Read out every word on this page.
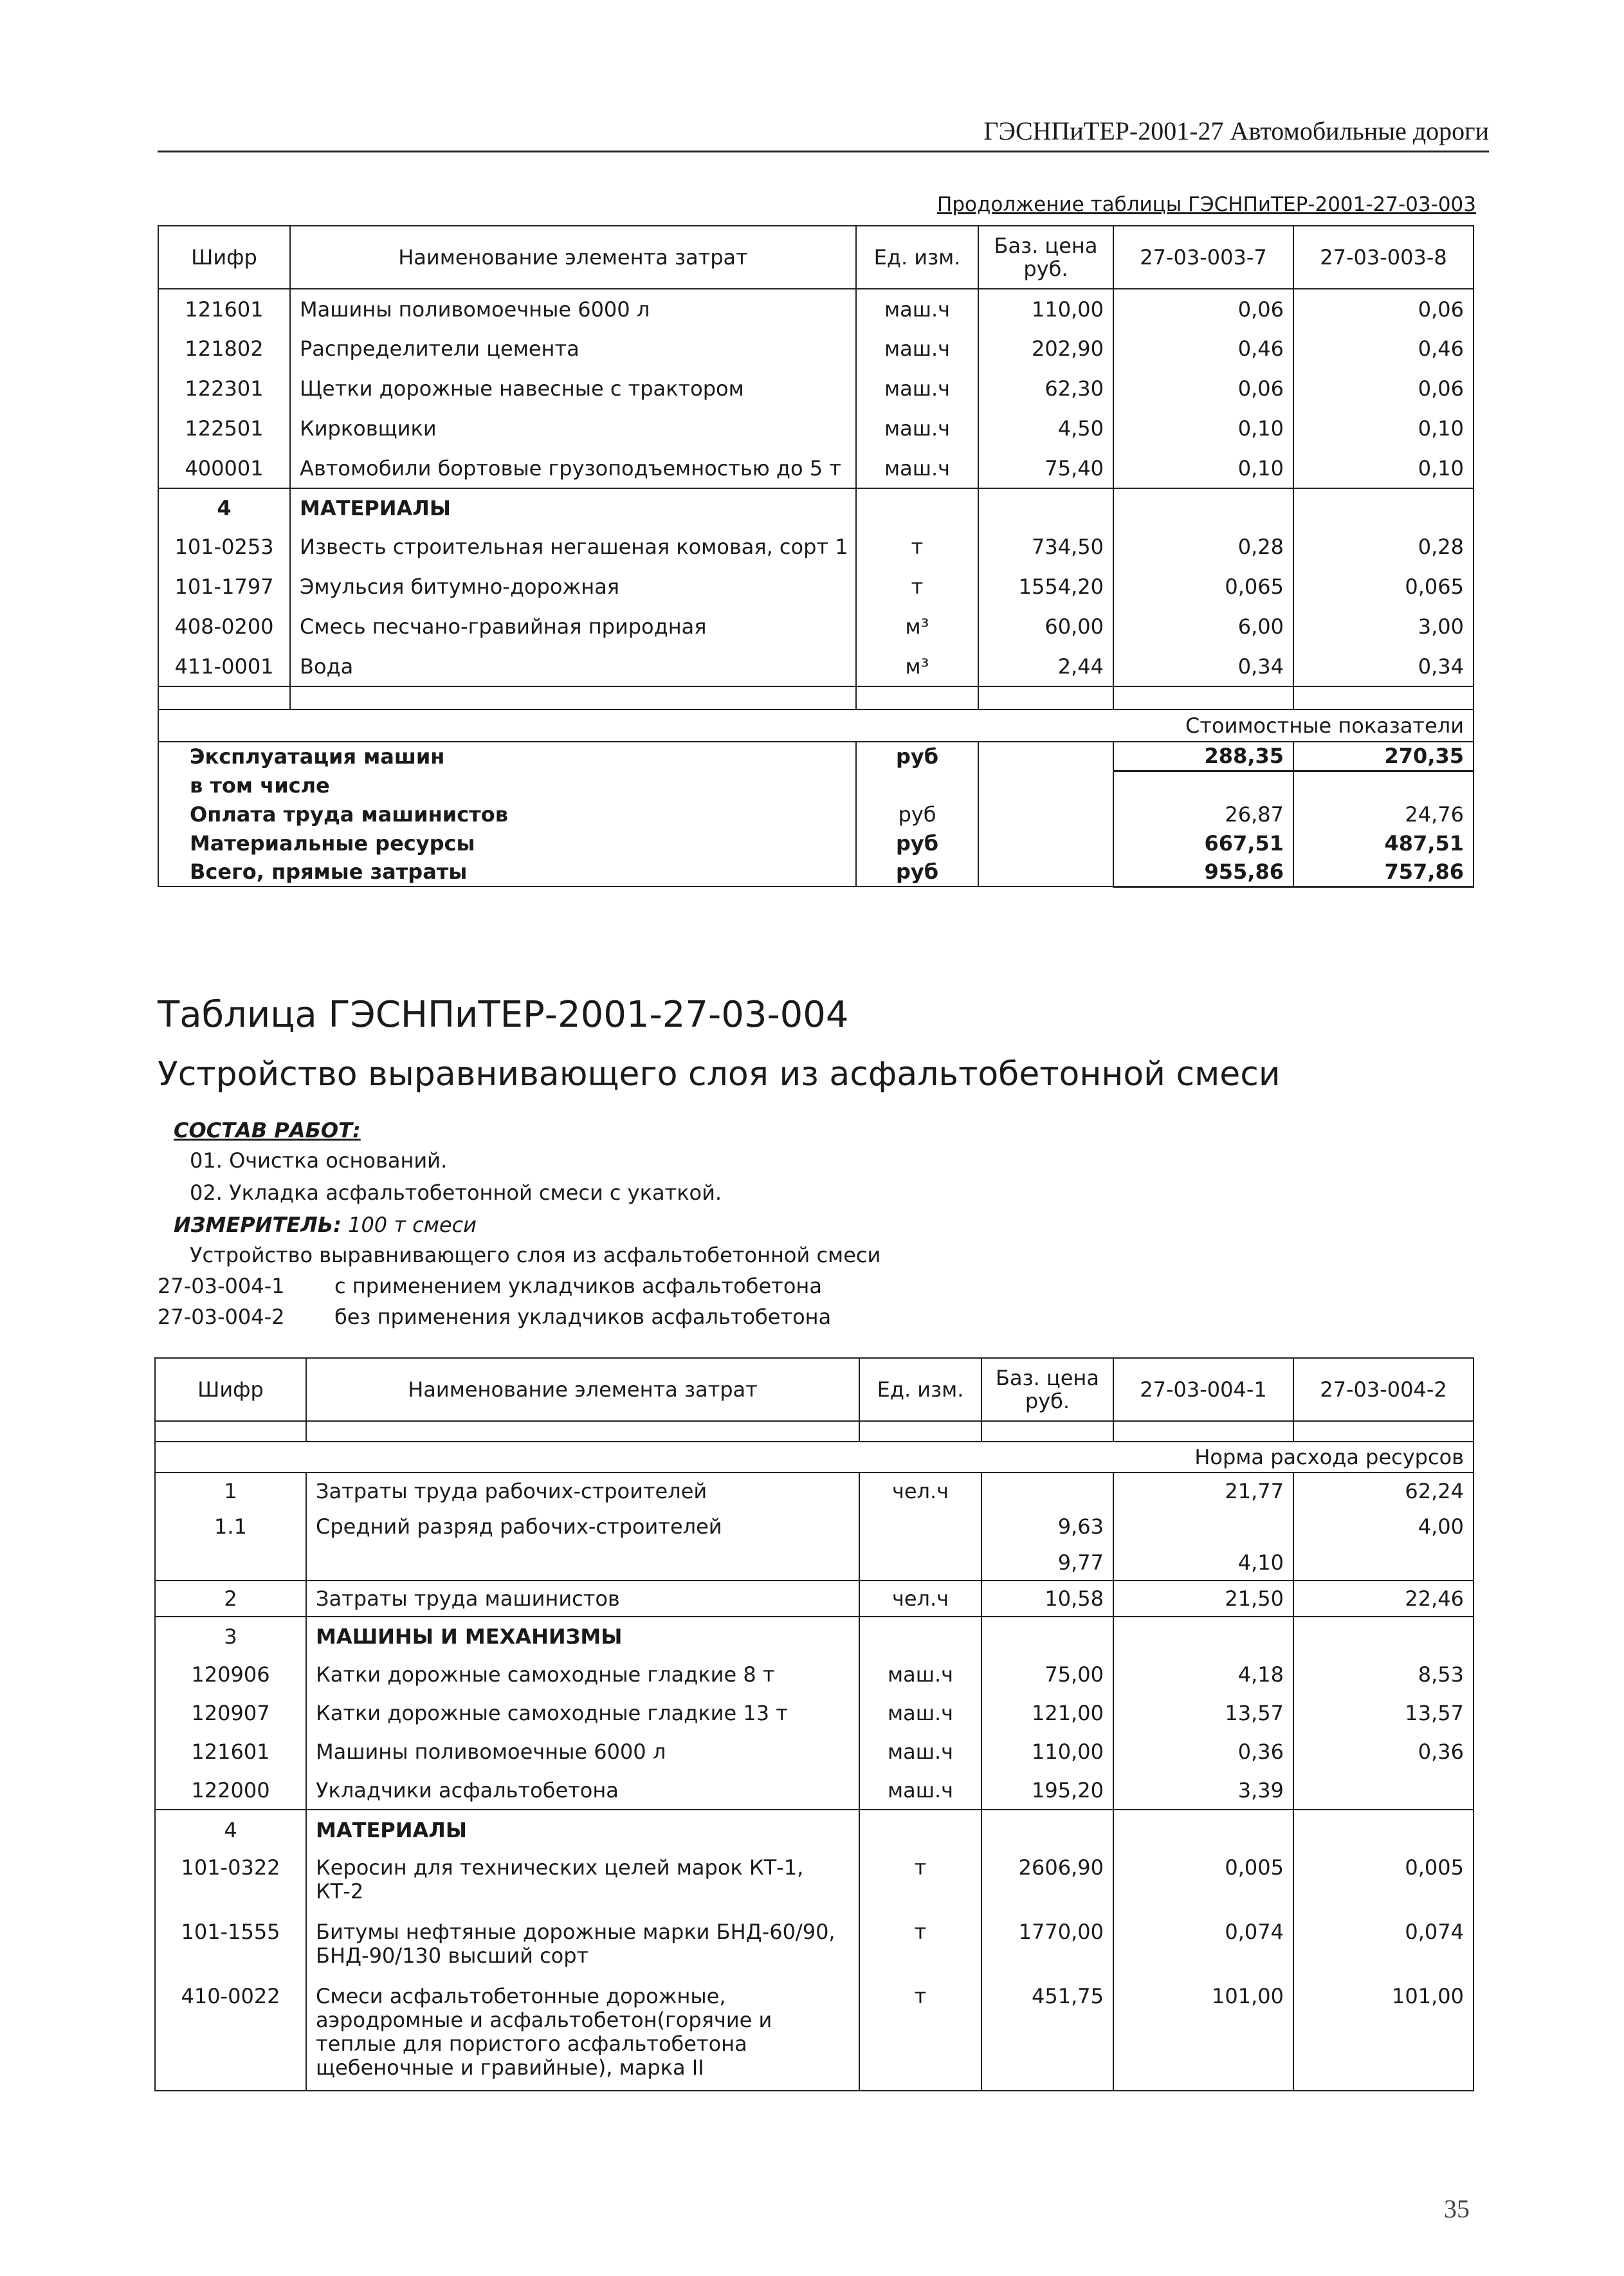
ГЭСНПиТЕР-2001-27 Автомобильные дороги
Продолжение таблицы ГЭСНПиТЕР-2001-27-03-003
Шифр	Наименование элемента затрат	Ед. изм.	Баз. цена руб.	27-03-003-7	27-03-003-8
121601	Машины поливомоечные 6000 л	маш.ч	110,00	0,06	0,06
121802	Распределители цемента	маш.ч	202,90	0,46	0,46
122301	Щетки дорожные навесные с трактором	маш.ч	62,30	0,06	0,06
122501	Кирковщики	маш.ч	4,50	0,10	0,10
400001	Автомобили бортовые грузоподъемностью до 5 т	маш.ч	75,40	0,10	0,10
4	МАТЕРИАЛЫ				
101-0253	Известь строительная негашеная комовая, сорт 1	т	734,50	0,28	0,28
101-1797	Эмульсия битумно-дорожная	т	1554,20	0,065	0,065
408-0200	Смесь песчано-гравийная природная	м³	60,00	6,00	3,00
411-0001	Вода	м³	2,44	0,34	0,34

Стоимостные показатели					
Эксплуатация машин		руб		288,35	270,35
в том числе					
Оплата труда машинистов		руб		26,87	24,76
Материальные ресурсы		руб		667,51	487,51
Всего, прямые затраты		руб		955,86	757,86
Таблица ГЭСНПиТЕР-2001-27-03-004
Устройство выравнивающего слоя из асфальтобетонной смеси
СОСТАВ РАБОТ:
01. Очистка оснований.
02. Укладка асфальтобетонной смеси с укаткой.
ИЗМЕРИТЕЛЬ: 100 т смеси
Устройство выравнивающего слоя из асфальтобетонной смеси
27-03-004-1 с применением укладчиков асфальтобетона
27-03-004-2 без применения укладчиков асфальтобетона
Шифр	Наименование элемента затрат	Ед. изм.	Баз. цена руб.	27-03-004-1	27-03-004-2

Норма расхода ресурсов					
1	Затраты труда рабочих-строителей	чел.ч		21,77	62,24
1.1	Средний разряд рабочих-строителей		9,63		4,00
			9,77	4,10	
2	Затраты труда машинистов	чел.ч	10,58	21,50	22,46
3	МАШИНЫ И МЕХАНИЗМЫ				
120906	Катки дорожные самоходные гладкие 8 т	маш.ч	75,00	4,18	8,53
120907	Катки дорожные самоходные гладкие 13 т	маш.ч	121,00	13,57	13,57
121601	Машины поливомоечные 6000 л	маш.ч	110,00	0,36	0,36
122000	Укладчики асфальтобетона	маш.ч	195,20	3,39	
4	МАТЕРИАЛЫ				
101-0322	Керосин для технических целей марок КТ-1, КТ-2	т	2606,90	0,005	0,005
101-1555	Битумы нефтяные дорожные марки БНД-60/90, БНД-90/130 высший сорт	т	1770,00	0,074	0,074
410-0022	Смеси асфальтобетонные дорожные, аэродромные и асфальтобетон(горячие и теплые для пористого асфальтобетона щебеночные и гравийные), марка II	т	451,75	101,00	101,00
35
